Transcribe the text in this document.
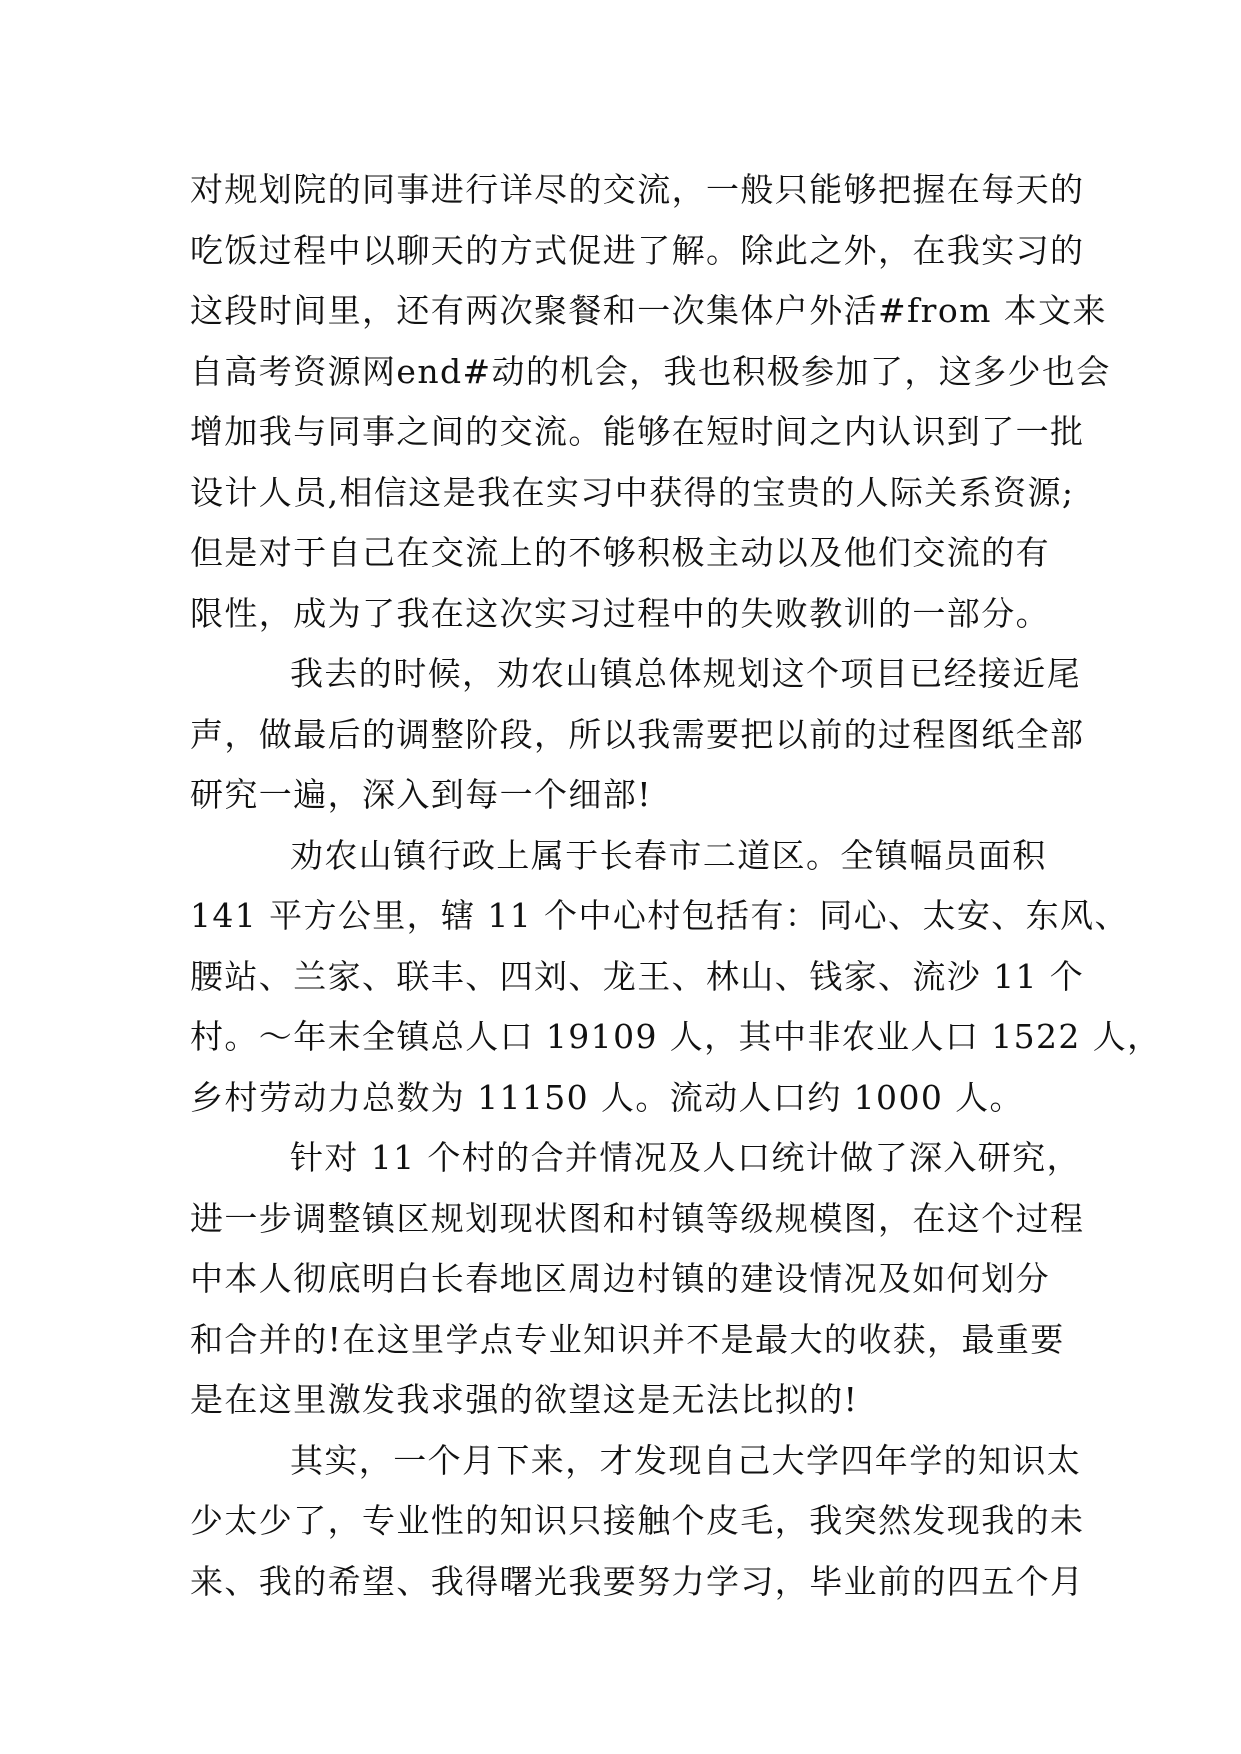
对规划院的同事进行详尽的交流，一般只能够把握在每天的
吃饭过程中以聊天的方式促进了解。除此之外，在我实习的
这段时间里，还有两次聚餐和一次集体户外活#from 本文来
自高考资源网end#动的机会，我也积极参加了，这多少也会
增加我与同事之间的交流。能够在短时间之内认识到了一批
设计人员,相信这是我在实习中获得的宝贵的人际关系资源;
但是对于自己在交流上的不够积极主动以及他们交流的有
限性，成为了我在这次实习过程中的失败教训的一部分。
我去的时候，劝农山镇总体规划这个项目已经接近尾
声，做最后的调整阶段，所以我需要把以前的过程图纸全部
研究一遍，深入到每一个细部!
劝农山镇行政上属于长春市二道区。全镇幅员面积
141 平方公里，辖 11 个中心村包括有：同心、太安、东风、
腰站、兰家、联丰、四刘、龙王、林山、钱家、流沙 11 个
村。～年末全镇总人口 19109 人，其中非农业人口 1522 人，
乡村劳动力总数为 11150 人。流动人口约 1000 人。
针对 11 个村的合并情况及人口统计做了深入研究，
进一步调整镇区规划现状图和村镇等级规模图，在这个过程
中本人彻底明白长春地区周边村镇的建设情况及如何划分
和合并的!在这里学点专业知识并不是最大的收获，最重要
是在这里激发我求强的欲望这是无法比拟的!
其实，一个月下来，才发现自己大学四年学的知识太
少太少了，专业性的知识只接触个皮毛，我突然发现我的未
来、我的希望、我得曙光我要努力学习，毕业前的四五个月
